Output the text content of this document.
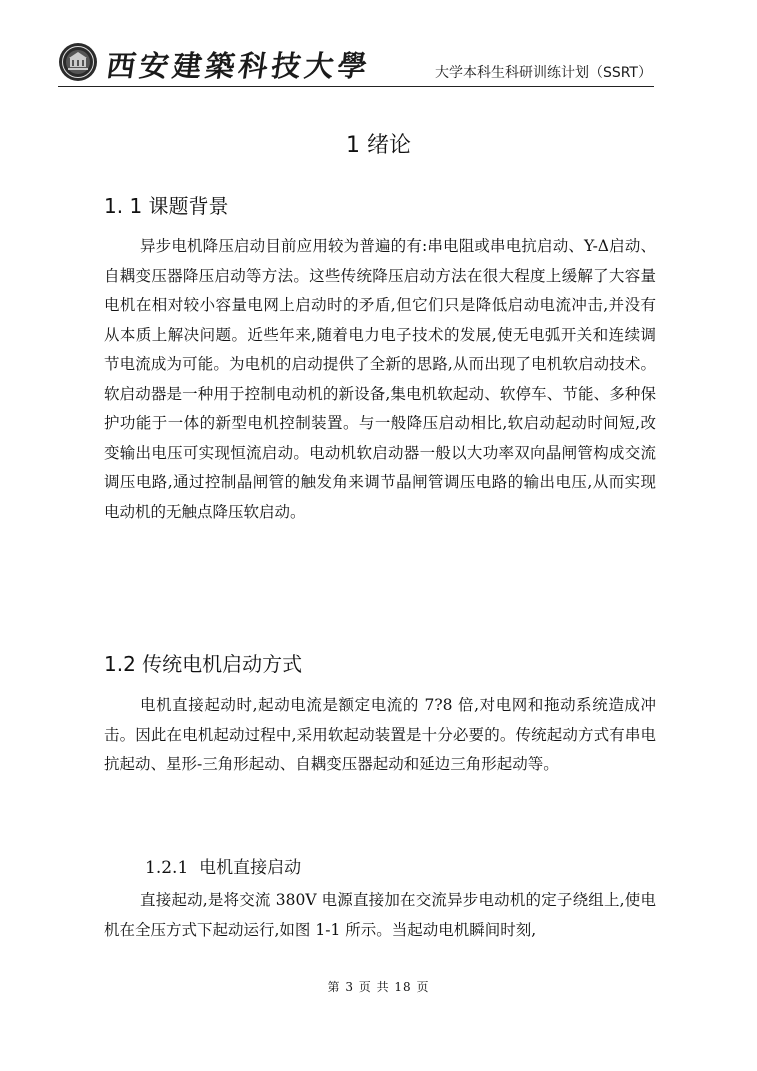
西安建築科技大學	大学本科生科研训练计划（SSRT）
1 绪论
1. 1 课题背景

异步电机降压启动目前应用较为普遍的有:串电阻或串电抗启动、Y-Δ启动、自耦变压器降压启动等方法。这些传统降压启动方法在很大程度上缓解了大容量电机在相对较小容量电网上启动时的矛盾,但它们只是降低启动电流冲击,并没有从本质上解决问题。近些年来,随着电力电子技术的发展,使无电弧开关和连续调节电流成为可能。为电机的启动提供了全新的思路,从而出现了电机软启动技术。软启动器是一种用于控制电动机的新设备,集电机软起动、软停车、节能、多种保护功能于一体的新型电机控制装置。与一般降压启动相比,软启动起动时间短,改变输出电压可实现恒流启动。电动机软启动器一般以大功率双向晶闸管构成交流调压电路,通过控制晶闸管的触发角来调节晶闸管调压电路的输出电压,从而实现电动机的无触点降压软启动。

1.2 传统电机启动方式

电机直接起动时,起动电流是额定电流的 7?8 倍,对电网和拖动系统造成冲击。因此在电机起动过程中,采用软起动装置是十分必要的。传统起动方式有串电抗起动、星形-三角形起动、自耦变压器起动和延边三角形起动等。

1.2.1 电机直接启动

直接起动,是将交流 380V 电源直接加在交流异步电动机的定子绕组上,使电机在全压方式下起动运行,如图 1-1 所示。当起动电机瞬间时刻,

第 3 页 共 18 页
